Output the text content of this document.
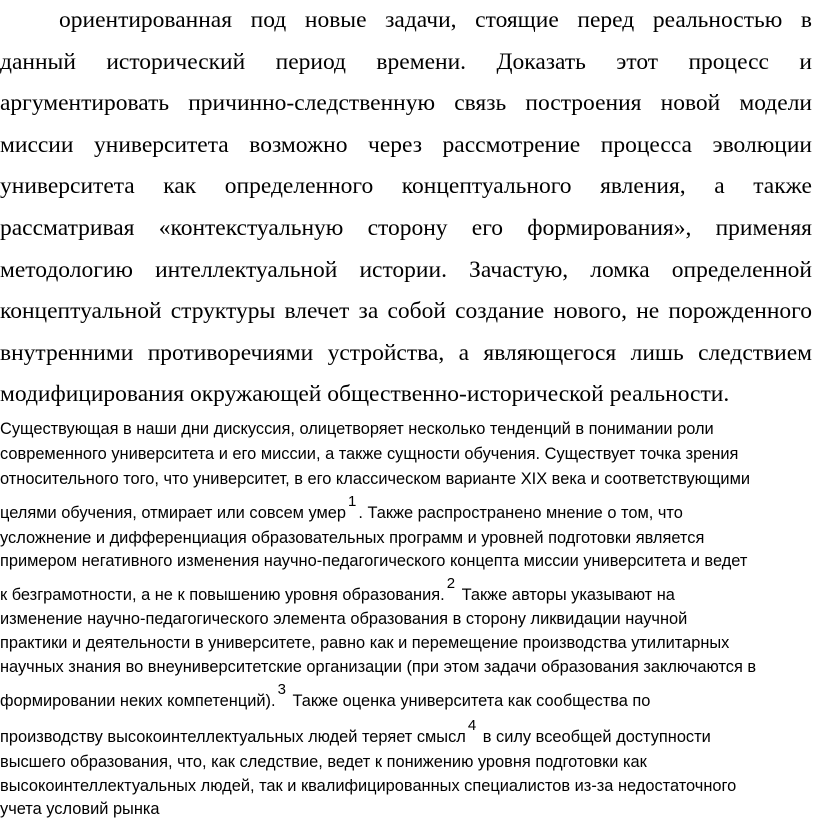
ориентированная под новые задачи, стоящие перед реальностью в
данный исторический период времени. Доказать этот процесс и
аргументировать причинно-следственную связь построения новой модели
миссии университета возможно через рассмотрение процесса эволюции
университета как определенного концептуального явления, а также
рассматривая «контекстуальную сторону его формирования», применяя
методологию интеллектуальной истории. Зачастую, ломка определенной
концептуальной структуры влечет за собой создание нового, не порожденного
внутренними противоречиями устройства, а являющегося лишь следствием
модифицирования окружающей общественно-исторической реальности.
Существующая в наши дни дискуссия, олицетворяет несколько тенденций в понимании роли
современного университета и его миссии, а также сущности обучения. Существует точка зрения
относительного того, что университет, в его классическом варианте XIX века и соответствующими
целями обучения, отмирает или совсем умер1. Также распространено мнение о том, что
усложнение и дифференциация образовательных программ и уровней подготовки является
примером негативного изменения научно-педагогического концепта миссии университета и ведет
к безграмотности, а не к повышению уровня образования.2 Также авторы указывают на
изменение научно-педагогического элемента образования в сторону ликвидации научной
практики и деятельности в университете, равно как и перемещение производства утилитарных
научных знания во внеуниверситетские организации (при этом задачи образования заключаются в
формировании неких компетенций).3 Также оценка университета как сообщества по
производству высокоинтеллектуальных людей теряет смысл4 в силу всеобщей доступности
высшего образования, что, как следствие, ведет к понижению уровня подготовки как
высокоинтеллектуальных людей, так и квалифицированных специалистов из-за недостаточного
учета условий рынка
